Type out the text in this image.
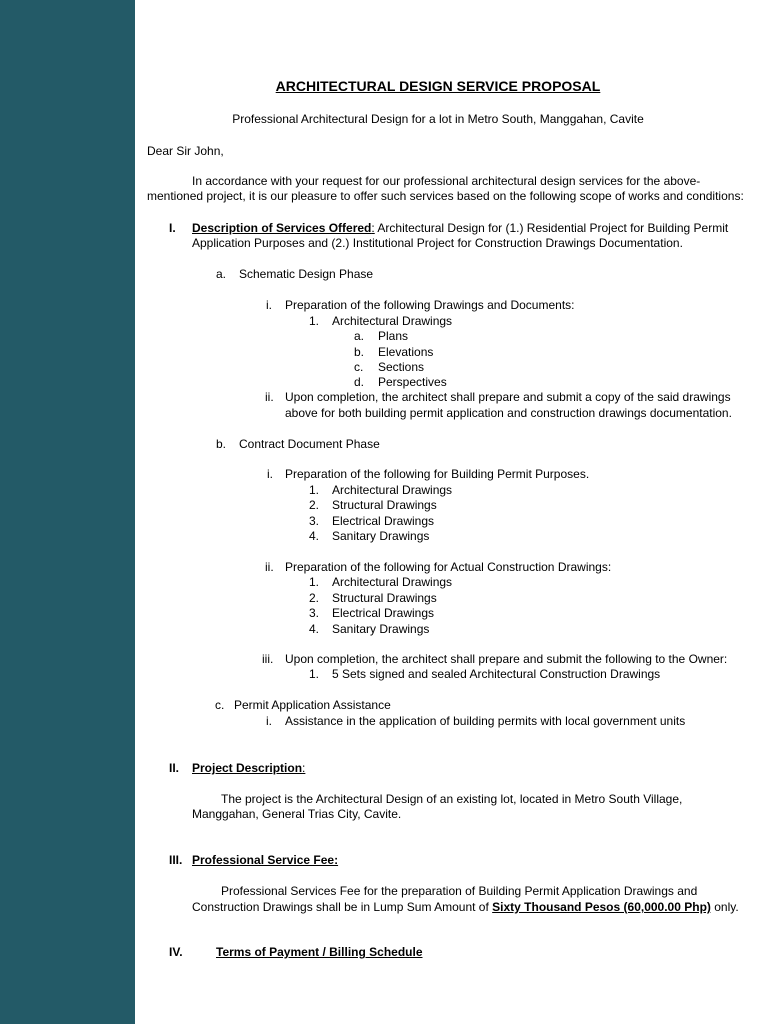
ARCHITECTURAL DESIGN SERVICE PROPOSAL
Professional Architectural Design for a lot in Metro South, Manggahan, Cavite
Dear Sir John,
In accordance with your request for our professional architectural design services for the above-
mentioned project, it is our pleasure to offer such services based on the following scope of works and conditions:
I. Description of Services Offered: Architectural Design for (1.) Residential Project for Building Permit
Application Purposes and (2.) Institutional Project for Construction Drawings Documentation.
a. Schematic Design Phase
i. Preparation of the following Drawings and Documents:
1. Architectural Drawings
a. Plans
b. Elevations
c. Sections
d. Perspectives
ii. Upon completion, the architect shall prepare and submit a copy of the said drawings
above for both building permit application and construction drawings documentation.
b. Contract Document Phase
i. Preparation of the following for Building Permit Purposes.
1. Architectural Drawings
2. Structural Drawings
3. Electrical Drawings
4. Sanitary Drawings
ii. Preparation of the following for Actual Construction Drawings:
1. Architectural Drawings
2. Structural Drawings
3. Electrical Drawings
4. Sanitary Drawings
iii. Upon completion, the architect shall prepare and submit the following to the Owner:
1. 5 Sets signed and sealed Architectural Construction Drawings
c. Permit Application Assistance
i. Assistance in the application of building permits with local government units
II. Project Description:
The project is the Architectural Design of an existing lot, located in Metro South Village,
Manggahan, General Trias City, Cavite.
III. Professional Service Fee:
Professional Services Fee for the preparation of Building Permit Application Drawings and
Construction Drawings shall be in Lump Sum Amount of Sixty Thousand Pesos (60,000.00 Php) only.
IV.	Terms of Payment / Billing Schedule
